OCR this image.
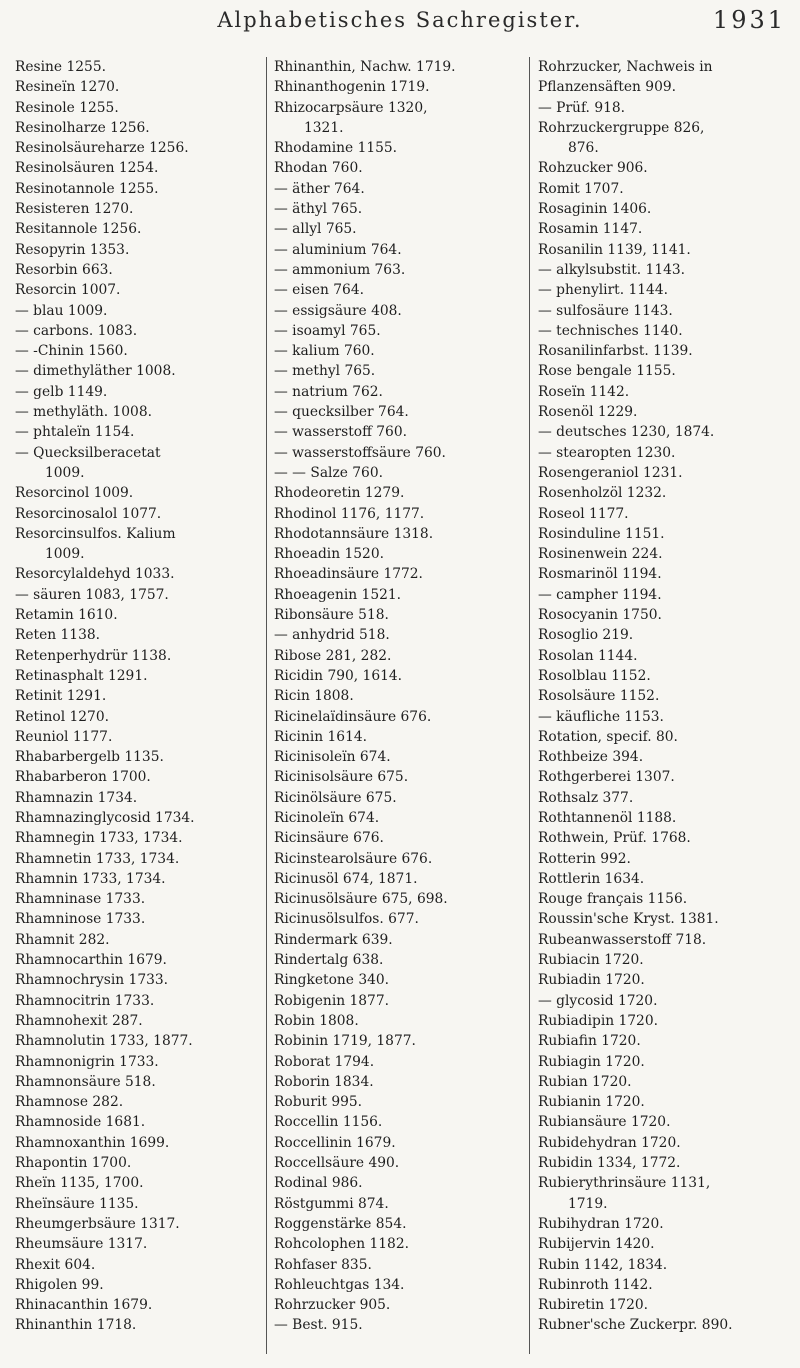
Alphabetisches Sachregister.	1931
Resine 1255.
Resineïn 1270.
Resinole 1255.
Resinolharze 1256.
Resinolsäureharze 1256.
Resinolsäuren 1254.
Resinotannole 1255.
Resisteren 1270.
Resitannole 1256.
Resopyrin 1353.
Resorbin 663.
Resorcin 1007.
— blau 1009.
— carbons. 1083.
— -Chinin 1560.
— dimethyläther 1008.
— gelb 1149.
— methyläth. 1008.
— phtaleïn 1154.
— Quecksilberacetat
1009.
Resorcinol 1009.
Resorcinosalol 1077.
Resorcinsulfos. Kalium
1009.
Resorcylaldehyd 1033.
— säuren 1083, 1757.
Retamin 1610.
Reten 1138.
Retenperhydrür 1138.
Retinasphalt 1291.
Retinit 1291.
Retinol 1270.
Reuniol 1177.
Rhabarbergelb 1135.
Rhabarberon 1700.
Rhamnazin 1734.
Rhamnazinglycosid 1734.
Rhamnegin 1733, 1734.
Rhamnetin 1733, 1734.
Rhamnin 1733, 1734.
Rhamninase 1733.
Rhamninose 1733.
Rhamnit 282.
Rhamnocarthin 1679.
Rhamnochrysin 1733.
Rhamnocitrin 1733.
Rhamnohexit 287.
Rhamnolutin 1733, 1877.
Rhamnonigrin 1733.
Rhamnonsäure 518.
Rhamnose 282.
Rhamnoside 1681.
Rhamnoxanthin 1699.
Rhapontin 1700.
Rheïn 1135, 1700.
Rheïnsäure 1135.
Rheumgerbsäure 1317.
Rheumsäure 1317.
Rhexit 604.
Rhigolen 99.
Rhinacanthin 1679.
Rhinanthin 1718.
Rhinanthin, Nachw. 1719.
Rhinanthogenin 1719.
Rhizocarpsäure 1320,
1321.
Rhodamine 1155.
Rhodan 760.
— äther 764.
— äthyl 765.
— allyl 765.
— aluminium 764.
— ammonium 763.
— eisen 764.
— essigsäure 408.
— isoamyl 765.
— kalium 760.
— methyl 765.
— natrium 762.
— quecksilber 764.
— wasserstoff 760.
— wasserstoffsäure 760.
— — Salze 760.
Rhodeoretin 1279.
Rhodinol 1176, 1177.
Rhodotannsäure 1318.
Rhoeadin 1520.
Rhoeadinsäure 1772.
Rhoeagenin 1521.
Ribonsäure 518.
— anhydrid 518.
Ribose 281, 282.
Ricidin 790, 1614.
Ricin 1808.
Ricinelaïdinsäure 676.
Ricinin 1614.
Ricinisoleïn 674.
Ricinisolsäure 675.
Ricinölsäure 675.
Ricinoleïn 674.
Ricinsäure 676.
Ricinstearolsäure 676.
Ricinusöl 674, 1871.
Ricinusölsäure 675, 698.
Ricinusölsulfos. 677.
Rindermark 639.
Rindertalg 638.
Ringketone 340.
Robigenin 1877.
Robin 1808.
Robinin 1719, 1877.
Roborat 1794.
Roborin 1834.
Roburit 995.
Roccellin 1156.
Roccellinin 1679.
Roccellsäure 490.
Rodinal 986.
Röstgummi 874.
Roggenstärke 854.
Rohcolophen 1182.
Rohfaser 835.
Rohleuchtgas 134.
Rohrzucker 905.
— Best. 915.
Rohrzucker, Nachweis in
Pflanzensäften 909.
— Prüf. 918.
Rohrzuckergruppe 826,
876.
Rohzucker 906.
Romit 1707.
Rosaginin 1406.
Rosamin 1147.
Rosanilin 1139, 1141.
— alkylsubstit. 1143.
— phenylirt. 1144.
— sulfosäure 1143.
— technisches 1140.
Rosanilinfarbst. 1139.
Rose bengale 1155.
Roseïn 1142.
Rosenöl 1229.
— deutsches 1230, 1874.
— stearopten 1230.
Rosengeraniol 1231.
Rosenholzöl 1232.
Roseol 1177.
Rosinduline 1151.
Rosinenwein 224.
Rosmarinöl 1194.
— campher 1194.
Rosocyanin 1750.
Rosoglio 219.
Rosolan 1144.
Rosolblau 1152.
Rosolsäure 1152.
— käufliche 1153.
Rotation, specif. 80.
Rothbeize 394.
Rothgerberei 1307.
Rothsalz 377.
Rothtannenöl 1188.
Rothwein, Prüf. 1768.
Rotterin 992.
Rottlerin 1634.
Rouge français 1156.
Roussin'sche Kryst. 1381.
Rubeanwasserstoff 718.
Rubiacin 1720.
Rubiadin 1720.
— glycosid 1720.
Rubiadipin 1720.
Rubiafin 1720.
Rubiagin 1720.
Rubian 1720.
Rubianin 1720.
Rubiansäure 1720.
Rubidehydran 1720.
Rubidin 1334, 1772.
Rubierythrinsäure 1131,
1719.
Rubihydran 1720.
Rubijervin 1420.
Rubin 1142, 1834.
Rubinroth 1142.
Rubiretin 1720.
Rubner'sche Zuckerpr. 890.
